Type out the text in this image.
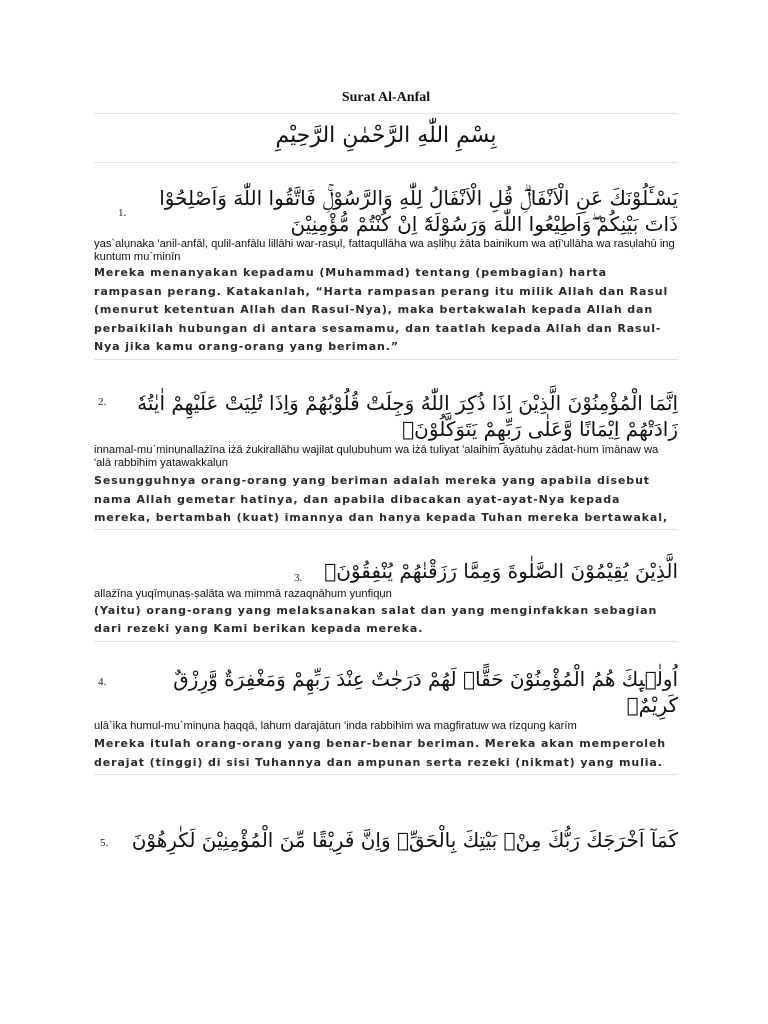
Surat Al-Anfal
بِسْمِ اللّٰهِ الرَّحْمٰنِ الرَّحِيْمِ
1.
يَسْـَٔلُوْنَكَ عَنِ الْاَنْفَالِۗ قُلِ الْاَنْفَالُ لِلّٰهِ وَالرَّسُوْلِۚ فَاتَّقُوا اللّٰهَ وَاَصْلِحُوْا ذَاتَ بَيْنِكُمْ ۖوَاَطِيْعُوا اللّٰهَ وَرَسُوْلَهٗٓ اِنْ كُنْتُمْ مُّؤْمِنِيْنَ
yas`alụnaka 'anil-anfāl, qulil-anfālu lillāhi war-rasụl, fattaqullāha wa aṣliḥụ żāta bainikum wa aṭī'ullāha wa rasụlahū ing kuntum mu`minīn
Mereka menanyakan kepadamu (Muhammad) tentang (pembagian) harta rampasan perang. Katakanlah, “Harta rampasan perang itu milik Allah dan Rasul (menurut ketentuan Allah dan Rasul-Nya), maka bertakwalah kepada Allah dan perbaikilah hubungan di antara sesamamu, dan taatlah kepada Allah dan Rasul-Nya jika kamu orang-orang yang beriman.”
2.	اِنَّمَا الْمُؤْمِنُوْنَ الَّذِيْنَ اِذَا ذُكِرَ اللّٰهُ وَجِلَتْ قُلُوْبُهُمْ وَاِذَا تُلِيَتْ عَلَيْهِمْ اٰيٰتُهٗ زَادَتْهُمْ اِيْمَانًا وَّعَلٰى رَبِّهِمْ يَتَوَكَّلُوْنَۙ
innamal-mu`minụnallażīna iżā żukirallāhu wajilat qulụbuhum wa iżā tuliyat 'alaihim āyātuhụ zādat-hum īmānaw wa 'alā rabbihim yatawakkalụn
Sesungguhnya orang-orang yang beriman adalah mereka yang apabila disebut nama Allah gemetar hatinya, dan apabila dibacakan ayat-ayat-Nya kepada mereka, bertambah (kuat) imannya dan hanya kepada Tuhan mereka bertawakal,
3.	الَّذِيْنَ يُقِيْمُوْنَ الصَّلٰوةَ وَمِمَّا رَزَقْنٰهُمْ يُنْفِقُوْنَۗ
allażīna yuqīmụnaṣ-ṣalāta wa mimmā razaqnāhum yunfiqụn
(Yaitu) orang-orang yang melaksanakan salat dan yang menginfakkan sebagian dari rezeki yang Kami berikan kepada mereka.
4.	اُولٰۤىِٕكَ هُمُ الْمُؤْمِنُوْنَ حَقًّاۗ لَهُمْ دَرَجٰتٌ عِنْدَ رَبِّهِمْ وَمَغْفِرَةٌ وَّرِزْقٌ كَرِيْمٌۚ
ulā`ika humul-mu`minụna ḥaqqā, lahum darajātun 'inda rabbihim wa magfiratuw wa rizqung karīm
Mereka itulah orang-orang yang benar-benar beriman. Mereka akan memperoleh derajat (tinggi) di sisi Tuhannya dan ampunan serta rezeki (nikmat) yang mulia.
5.	كَمَآ اَخْرَجَكَ رَبُّكَ مِنْۢ بَيْتِكَ بِالْحَقِّۖ وَاِنَّ فَرِيْقًا مِّنَ الْمُؤْمِنِيْنَ لَكٰرِهُوْنَ
